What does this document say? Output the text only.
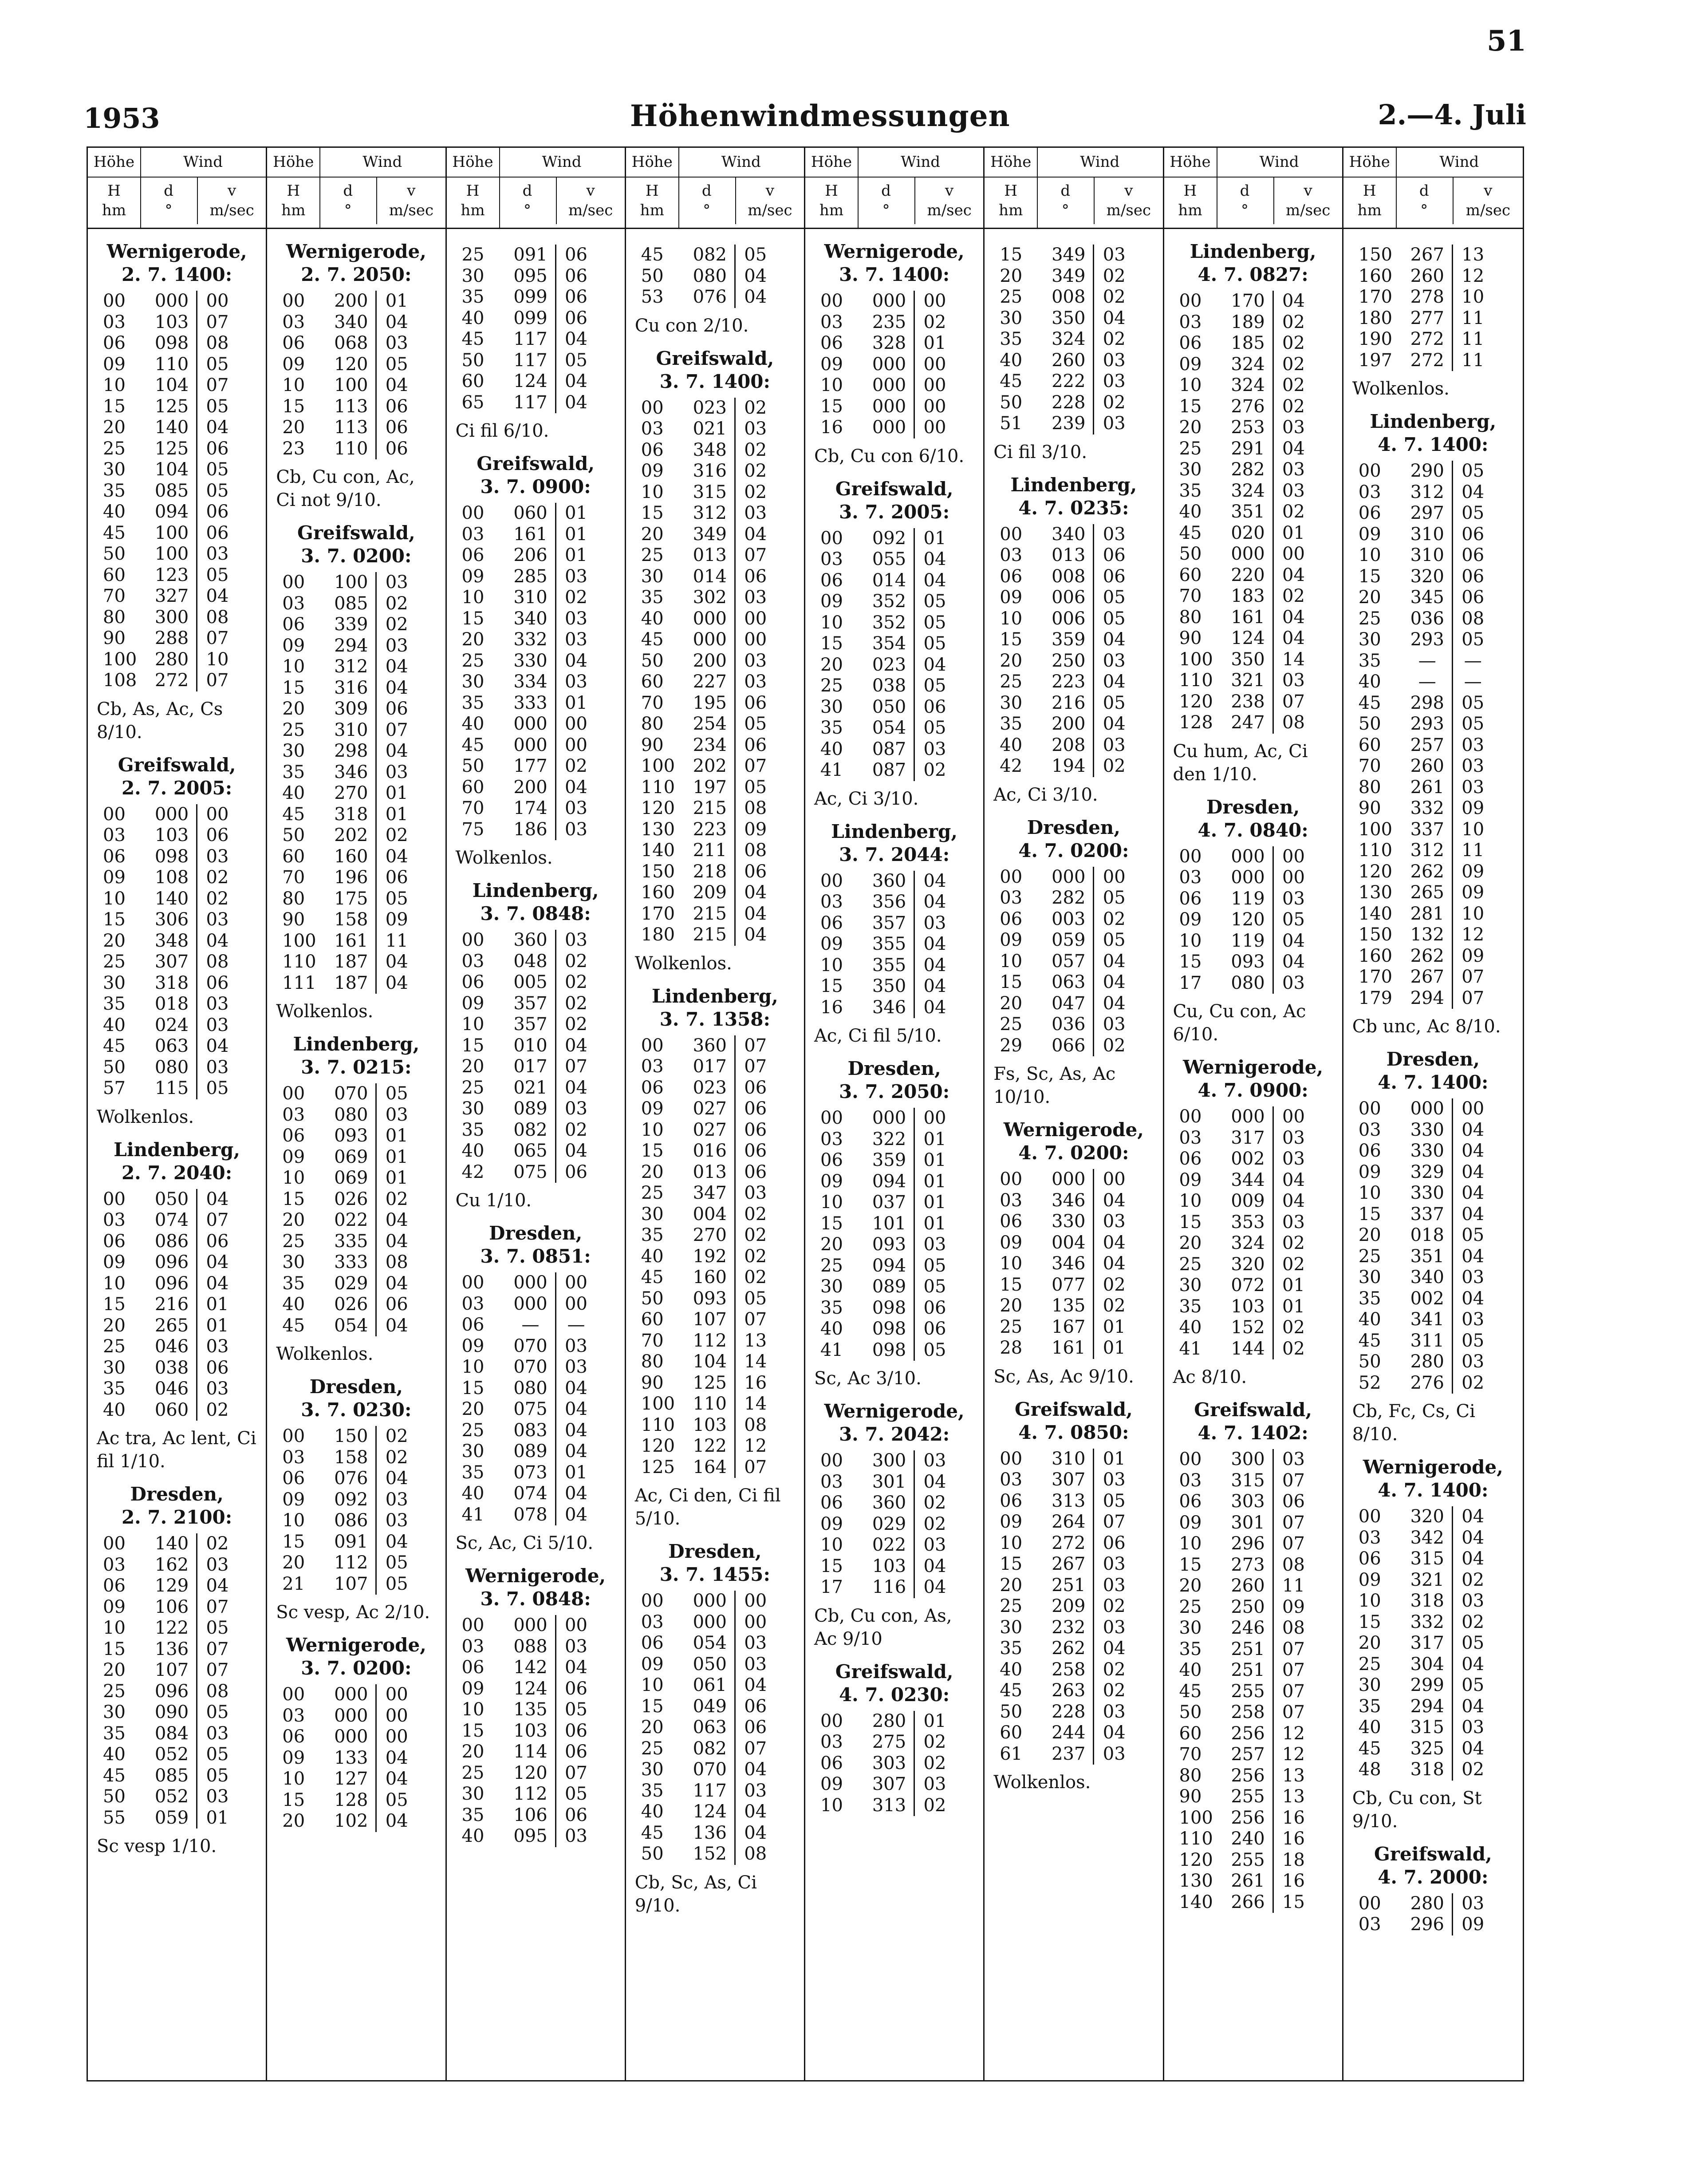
51
1953	Höhenwindmessungen	2.—4. Juli
Höhe
H
hm
Wind
d
°
v
m/sec
Wernigerode,
2. 7. 1400:
00	000	00
03	103	07
06	098	08
09	110	05
10	104	07
15	125	05
20	140	04
25	125	06
30	104	05
35	085	05
40	094	06
45	100	06
50	100	03
60	123	05
70	327	04
80	300	08
90	288	07
100	280	10
108	272	07
Cb, As, Ac, Cs 8/10.
Greifswald,
2. 7. 2005:
00	000	00
03	103	06
06	098	03
09	108	02
10	140	02
15	306	03
20	348	04
25	307	08
30	318	06
35	018	03
40	024	03
45	063	04
50	080	03
57	115	05
Wolkenlos.
Lindenberg,
2. 7. 2040:
00	050	04
03	074	07
06	086	06
09	096	04
10	096	04
15	216	01
20	265	01
25	046	03
30	038	06
35	046	03
40	060	02
Ac tra, Ac lent, Ci fil 1/10.
Dresden,
2. 7. 2100:
00	140	02
03	162	03
06	129	04
09	106	07
10	122	05
15	136	07
20	107	07
25	096	08
30	090	05
35	084	03
40	052	05
45	085	05
50	052	03
55	059	01
Sc vesp 1/10.
Höhe
H
hm
Wind
d
°
v
m/sec
Wernigerode,
2. 7. 2050:
00	200	01
03	340	04
06	068	03
09	120	05
10	100	04
15	113	06
20	113	06
23	110	06
Cb, Cu con, Ac, Ci not 9/10.
Greifswald,
3. 7. 0200:
00	100	03
03	085	02
06	339	02
09	294	03
10	312	04
15	316	04
20	309	06
25	310	07
30	298	04
35	346	03
40	270	01
45	318	01
50	202	02
60	160	04
70	196	06
80	175	05
90	158	09
100	161	11
110	187	04
111	187	04
Wolkenlos.
Lindenberg,
3. 7. 0215:
00	070	05
03	080	03
06	093	01
09	069	01
10	069	01
15	026	02
20	022	04
25	335	04
30	333	08
35	029	04
40	026	06
45	054	04
Wolkenlos.
Dresden,
3. 7. 0230:
00	150	02
03	158	02
06	076	04
09	092	03
10	086	03
15	091	04
20	112	05
21	107	05
Sc vesp, Ac 2/10.
Wernigerode,
3. 7. 0200:
00	000	00
03	000	00
06	000	00
09	133	04
10	127	04
15	128	05
20	102	04
Höhe
H
hm
Wind
d
°
v
m/sec
25	091	06
30	095	06
35	099	06
40	099	06
45	117	04
50	117	05
60	124	04
65	117	04
Ci fil 6/10.
Greifswald,
3. 7. 0900:
00	060	01
03	161	01
06	206	01
09	285	03
10	310	02
15	340	03
20	332	03
25	330	04
30	334	03
35	333	01
40	000	00
45	000	00
50	177	02
60	200	04
70	174	03
75	186	03
Wolkenlos.
Lindenberg,
3. 7. 0848:
00	360	03
03	048	02
06	005	02
09	357	02
10	357	02
15	010	04
20	017	07
25	021	04
30	089	03
35	082	02
40	065	04
42	075	06
Cu 1/10.
Dresden,
3. 7. 0851:
00	000	00
03	000	00
06	—	—
09	070	03
10	070	03
15	080	04
20	075	04
25	083	04
30	089	04
35	073	01
40	074	04
41	078	04
Sc, Ac, Ci 5/10.
Wernigerode,
3. 7. 0848:
00	000	00
03	088	03
06	142	04
09	124	06
10	135	05
15	103	06
20	114	06
25	120	07
30	112	05
35	106	06
40	095	03
Höhe
H
hm
Wind
d
°
v
m/sec
45	082	05
50	080	04
53	076	04
Cu con 2/10.
Greifswald,
3. 7. 1400:
00	023	02
03	021	03
06	348	02
09	316	02
10	315	02
15	312	03
20	349	04
25	013	07
30	014	06
35	302	03
40	000	00
45	000	00
50	200	03
60	227	03
70	195	06
80	254	05
90	234	06
100	202	07
110	197	05
120	215	08
130	223	09
140	211	08
150	218	06
160	209	04
170	215	04
180	215	04
Wolkenlos.
Lindenberg,
3. 7. 1358:
00	360	07
03	017	07
06	023	06
09	027	06
10	027	06
15	016	06
20	013	06
25	347	03
30	004	02
35	270	02
40	192	02
45	160	02
50	093	05
60	107	07
70	112	13
80	104	14
90	125	16
100	110	14
110	103	08
120	122	12
125	164	07
Ac, Ci den, Ci fil 5/10.
Dresden,
3. 7. 1455:
00	000	00
03	000	00
06	054	03
09	050	03
10	061	04
15	049	06
20	063	06
25	082	07
30	070	04
35	117	03
40	124	04
45	136	04
50	152	08
Cb, Sc, As, Ci 9/10.
Höhe
H
hm
Wind
d
°
v
m/sec
Wernigerode,
3. 7. 1400:
00	000	00
03	235	02
06	328	01
09	000	00
10	000	00
15	000	00
16	000	00
Cb, Cu con 6/10.
Greifswald,
3. 7. 2005:
00	092	01
03	055	04
06	014	04
09	352	05
10	352	05
15	354	05
20	023	04
25	038	05
30	050	06
35	054	05
40	087	03
41	087	02
Ac, Ci 3/10.
Lindenberg,
3. 7. 2044:
00	360	04
03	356	04
06	357	03
09	355	04
10	355	04
15	350	04
16	346	04
Ac, Ci fil 5/10.
Dresden,
3. 7. 2050:
00	000	00
03	322	01
06	359	01
09	094	01
10	037	01
15	101	01
20	093	03
25	094	05
30	089	05
35	098	06
40	098	06
41	098	05
Sc, Ac 3/10.
Wernigerode,
3. 7. 2042:
00	300	03
03	301	04
06	360	02
09	029	02
10	022	03
15	103	04
17	116	04
Cb, Cu con, As, Ac 9/10
Greifswald,
4. 7. 0230:
00	280	01
03	275	02
06	303	02
09	307	03
10	313	02
Höhe
H
hm
Wind
d
°
v
m/sec
15	349	03
20	349	02
25	008	02
30	350	04
35	324	02
40	260	03
45	222	03
50	228	02
51	239	03
Ci fil 3/10.
Lindenberg,
4. 7. 0235:
00	340	03
03	013	06
06	008	06
09	006	05
10	006	05
15	359	04
20	250	03
25	223	04
30	216	05
35	200	04
40	208	03
42	194	02
Ac, Ci 3/10.
Dresden,
4. 7. 0200:
00	000	00
03	282	05
06	003	02
09	059	05
10	057	04
15	063	04
20	047	04
25	036	03
29	066	02
Fs, Sc, As, Ac 10/10.
Wernigerode,
4. 7. 0200:
00	000	00
03	346	04
06	330	03
09	004	04
10	346	04
15	077	02
20	135	02
25	167	01
28	161	01
Sc, As, Ac 9/10.
Greifswald,
4. 7. 0850:
00	310	01
03	307	03
06	313	05
09	264	07
10	272	06
15	267	03
20	251	03
25	209	02
30	232	03
35	262	04
40	258	02
45	263	02
50	228	03
60	244	04
61	237	03
Wolkenlos.
Höhe
H
hm
Wind
d
°
v
m/sec
Lindenberg,
4. 7. 0827:
00	170	04
03	189	02
06	185	02
09	324	02
10	324	02
15	276	02
20	253	03
25	291	04
30	282	03
35	324	03
40	351	02
45	020	01
50	000	00
60	220	04
70	183	02
80	161	04
90	124	04
100	350	14
110	321	03
120	238	07
128	247	08
Cu hum, Ac, Ci den 1/10.
Dresden,
4. 7. 0840:
00	000	00
03	000	00
06	119	03
09	120	05
10	119	04
15	093	04
17	080	03
Cu, Cu con, Ac 6/10.
Wernigerode,
4. 7. 0900:
00	000	00
03	317	03
06	002	03
09	344	04
10	009	04
15	353	03
20	324	02
25	320	02
30	072	01
35	103	01
40	152	02
41	144	02
Ac 8/10.
Greifswald,
4. 7. 1402:
00	300	03
03	315	07
06	303	06
09	301	07
10	296	07
15	273	08
20	260	11
25	250	09
30	246	08
35	251	07
40	251	07
45	255	07
50	258	07
60	256	12
70	257	12
80	256	13
90	255	13
100	256	16
110	240	16
120	255	18
130	261	16
140	266	15
Höhe
H
hm
Wind
d
°
v
m/sec
150	267	13
160	260	12
170	278	10
180	277	11
190	272	11
197	272	11
Wolkenlos.
Lindenberg,
4. 7. 1400:
00	290	05
03	312	04
06	297	05
09	310	06
10	310	06
15	320	06
20	345	06
25	036	08
30	293	05
35	—	—
40	—	—
45	298	05
50	293	05
60	257	03
70	260	03
80	261	03
90	332	09
100	337	10
110	312	11
120	262	09
130	265	09
140	281	10
150	132	12
160	262	09
170	267	07
179	294	07
Cb unc, Ac 8/10.
Dresden,
4. 7. 1400:
00	000	00
03	330	04
06	330	04
09	329	04
10	330	04
15	337	04
20	018	05
25	351	04
30	340	03
35	002	04
40	341	03
45	311	05
50	280	03
52	276	02
Cb, Fc, Cs, Ci 8/10.
Wernigerode,
4. 7. 1400:
00	320	04
03	342	04
06	315	04
09	321	02
10	318	03
15	332	02
20	317	05
25	304	04
30	299	05
35	294	04
40	315	03
45	325	04
48	318	02
Cb, Cu con, St 9/10.
Greifswald,
4. 7. 2000:
00	280	03
03	296	09
